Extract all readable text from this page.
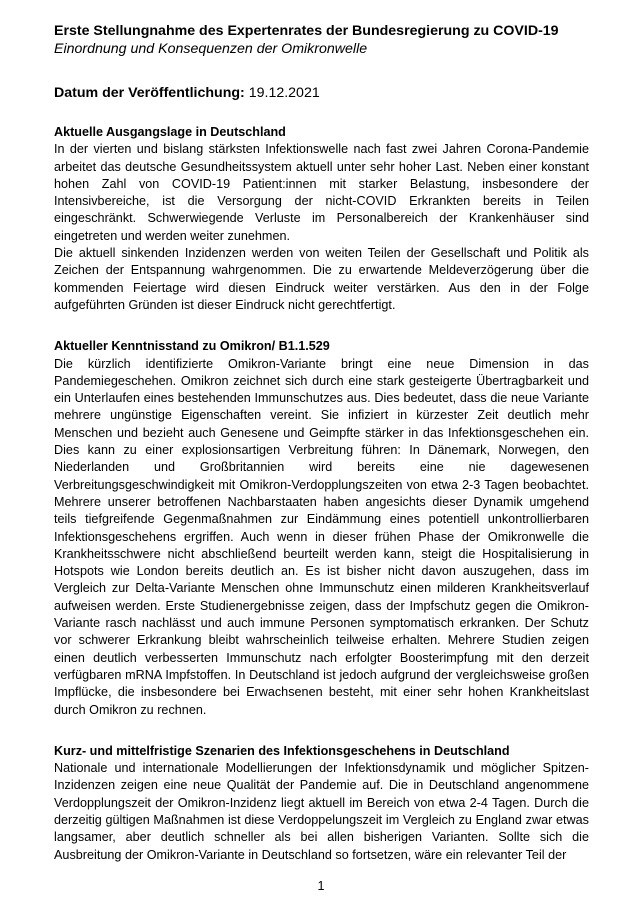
Erste Stellungnahme des Expertenrates der Bundesregierung zu COVID-19
Einordnung und Konsequenzen der Omikronwelle
Datum der Veröffentlichung: 19.12.2021
Aktuelle Ausgangslage in Deutschland

In der vierten und bislang stärksten Infektionswelle nach fast zwei Jahren Corona-Pandemie arbeitet das deutsche Gesundheitssystem aktuell unter sehr hoher Last. Neben einer konstant hohen Zahl von COVID-19 Patient:innen mit starker Belastung, insbesondere der Intensivbereiche, ist die Versorgung der nicht-COVID Erkrankten bereits in Teilen eingeschränkt. Schwerwiegende Verluste im Personalbereich der Krankenhäuser sind eingetreten und werden weiter zunehmen.

Die aktuell sinkenden Inzidenzen werden von weiten Teilen der Gesellschaft und Politik als Zeichen der Entspannung wahrgenommen. Die zu erwartende Meldeverzögerung über die kommenden Feiertage wird diesen Eindruck weiter verstärken. Aus den in der Folge aufgeführten Gründen ist dieser Eindruck nicht gerechtfertigt.

Aktueller Kenntnisstand zu Omikron/ B1.1.529

Die kürzlich identifizierte Omikron-Variante bringt eine neue Dimension in das Pandemiegeschehen. Omikron zeichnet sich durch eine stark gesteigerte Übertragbarkeit und ein Unterlaufen eines bestehenden Immunschutzes aus. Dies bedeutet, dass die neue Variante mehrere ungünstige Eigenschaften vereint. Sie infiziert in kürzester Zeit deutlich mehr Menschen und bezieht auch Genesene und Geimpfte stärker in das Infektionsgeschehen ein. Dies kann zu einer explosionsartigen Verbreitung führen: In Dänemark, Norwegen, den Niederlanden und Großbritannien wird bereits eine nie dagewesenen Verbreitungsgeschwindigkeit mit Omikron-Verdopplungszeiten von etwa 2-3 Tagen beobachtet. Mehrere unserer betroffenen Nachbarstaaten haben angesichts dieser Dynamik umgehend teils tiefgreifende Gegenmaßnahmen zur Eindämmung eines potentiell unkontrollierbaren Infektionsgeschehens ergriffen. Auch wenn in dieser frühen Phase der Omikronwelle die Krankheitsschwere nicht abschließend beurteilt werden kann, steigt die Hospitalisierung in Hotspots wie London bereits deutlich an. Es ist bisher nicht davon auszugehen, dass im Vergleich zur Delta-Variante Menschen ohne Immunschutz einen milderen Krankheitsverlauf aufweisen werden. Erste Studienergebnisse zeigen, dass der Impfschutz gegen die Omikron-Variante rasch nachlässt und auch immune Personen symptomatisch erkranken. Der Schutz vor schwerer Erkrankung bleibt wahrscheinlich teilweise erhalten. Mehrere Studien zeigen einen deutlich verbesserten Immunschutz nach erfolgter Boosterimpfung mit den derzeit verfügbaren mRNA Impfstoffen. In Deutschland ist jedoch aufgrund der vergleichsweise großen Impflücke, die insbesondere bei Erwachsenen besteht, mit einer sehr hohen Krankheitslast durch Omikron zu rechnen.

Kurz- und mittelfristige Szenarien des Infektionsgeschehens in Deutschland

Nationale und internationale Modellierungen der Infektionsdynamik und möglicher Spitzen-Inzidenzen zeigen eine neue Qualität der Pandemie auf. Die in Deutschland angenommene Verdopplungszeit der Omikron-Inzidenz liegt aktuell im Bereich von etwa 2-4 Tagen. Durch die derzeitig gültigen Maßnahmen ist diese Verdoppelungszeit im Vergleich zu England zwar etwas langsamer, aber deutlich schneller als bei allen bisherigen Varianten. Sollte sich die Ausbreitung der Omikron-Variante in Deutschland so fortsetzen, wäre ein relevanter Teil der

1
